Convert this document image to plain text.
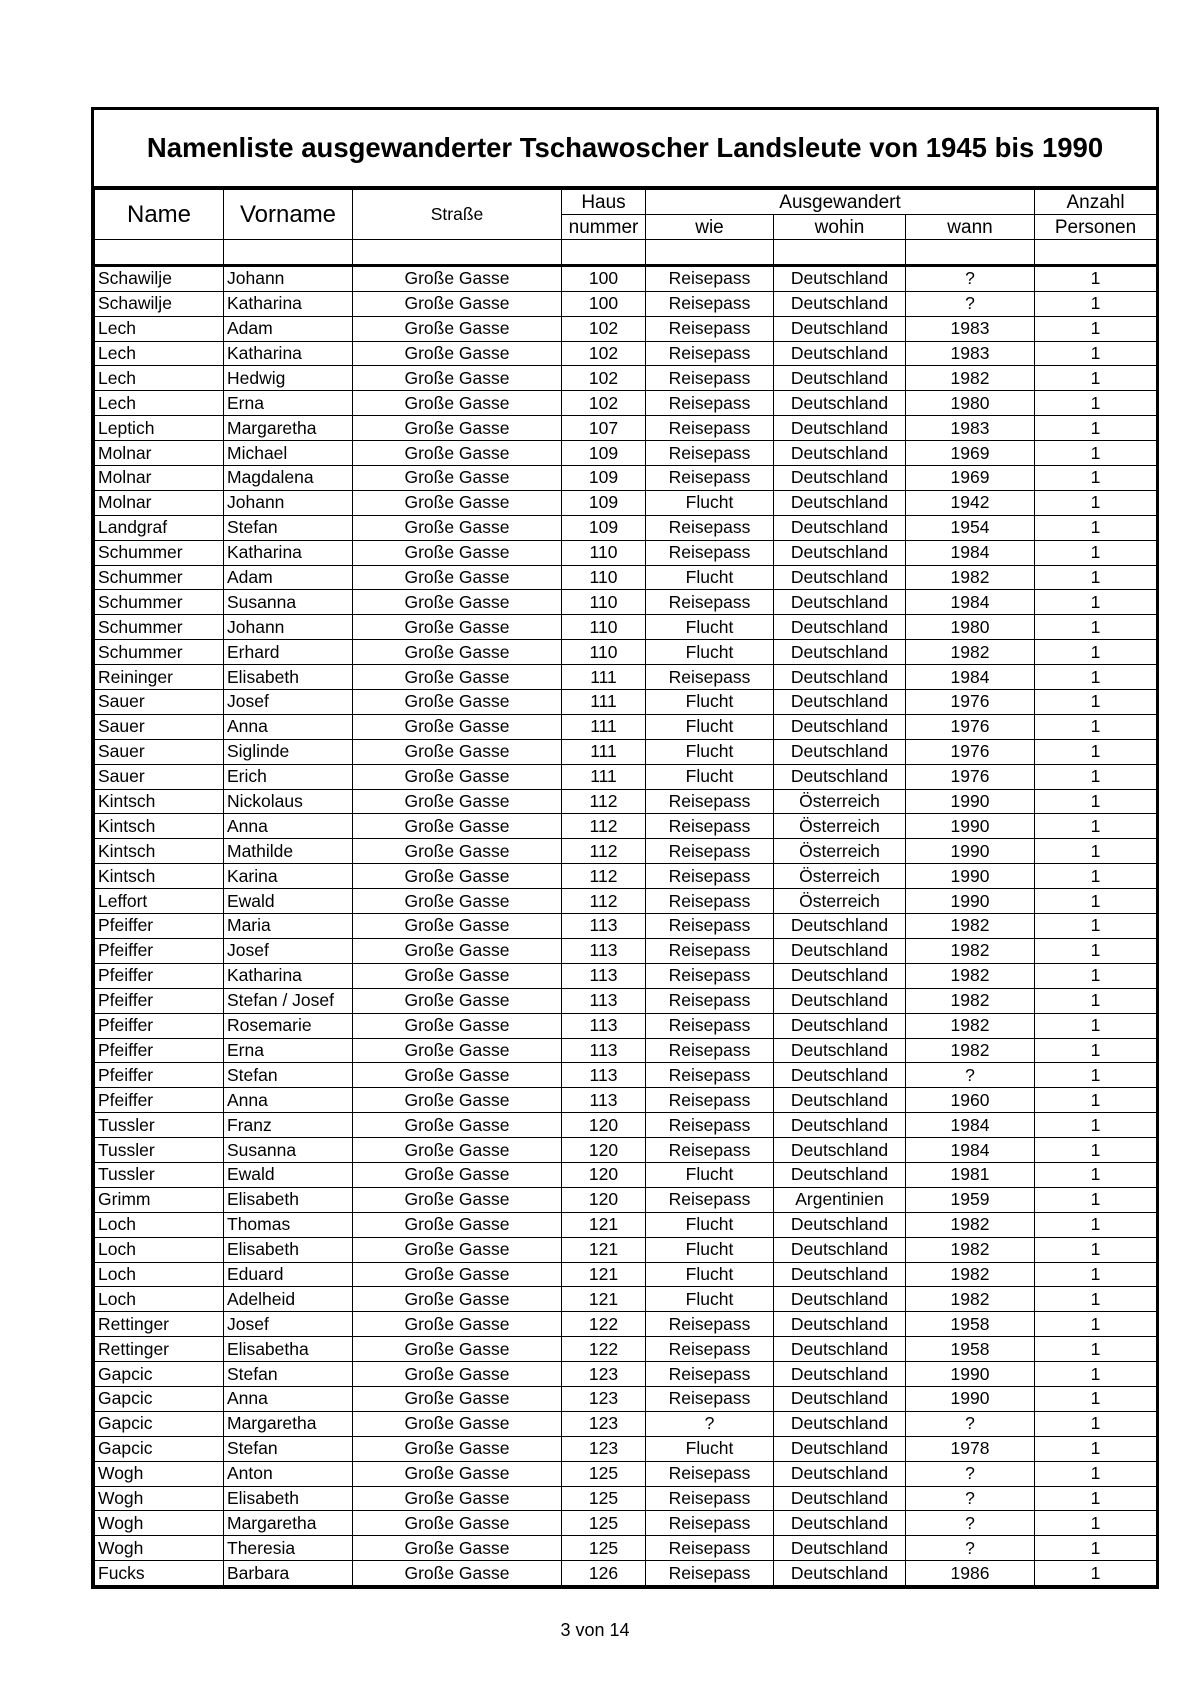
Namenliste ausgewanderter Tschawoscher Landsleute von 1945 bis 1990
Name	Vorname	Straße	Haus	Ausgewandert			Anzahl
			nummer	wie	wohin	wann	Personen

Schawilje	Johann	Große Gasse	100	Reisepass	Deutschland	?	1
Schawilje	Katharina	Große Gasse	100	Reisepass	Deutschland	?	1
Lech	Adam	Große Gasse	102	Reisepass	Deutschland	1983	1
Lech	Katharina	Große Gasse	102	Reisepass	Deutschland	1983	1
Lech	Hedwig	Große Gasse	102	Reisepass	Deutschland	1982	1
Lech	Erna	Große Gasse	102	Reisepass	Deutschland	1980	1
Leptich	Margaretha	Große Gasse	107	Reisepass	Deutschland	1983	1
Molnar	Michael	Große Gasse	109	Reisepass	Deutschland	1969	1
Molnar	Magdalena	Große Gasse	109	Reisepass	Deutschland	1969	1
Molnar	Johann	Große Gasse	109	Flucht	Deutschland	1942	1
Landgraf	Stefan	Große Gasse	109	Reisepass	Deutschland	1954	1
Schummer	Katharina	Große Gasse	110	Reisepass	Deutschland	1984	1
Schummer	Adam	Große Gasse	110	Flucht	Deutschland	1982	1
Schummer	Susanna	Große Gasse	110	Reisepass	Deutschland	1984	1
Schummer	Johann	Große Gasse	110	Flucht	Deutschland	1980	1
Schummer	Erhard	Große Gasse	110	Flucht	Deutschland	1982	1
Reininger	Elisabeth	Große Gasse	111	Reisepass	Deutschland	1984	1
Sauer	Josef	Große Gasse	111	Flucht	Deutschland	1976	1
Sauer	Anna	Große Gasse	111	Flucht	Deutschland	1976	1
Sauer	Siglinde	Große Gasse	111	Flucht	Deutschland	1976	1
Sauer	Erich	Große Gasse	111	Flucht	Deutschland	1976	1
Kintsch	Nickolaus	Große Gasse	112	Reisepass	Österreich	1990	1
Kintsch	Anna	Große Gasse	112	Reisepass	Österreich	1990	1
Kintsch	Mathilde	Große Gasse	112	Reisepass	Österreich	1990	1
Kintsch	Karina	Große Gasse	112	Reisepass	Österreich	1990	1
Leffort	Ewald	Große Gasse	112	Reisepass	Österreich	1990	1
Pfeiffer	Maria	Große Gasse	113	Reisepass	Deutschland	1982	1
Pfeiffer	Josef	Große Gasse	113	Reisepass	Deutschland	1982	1
Pfeiffer	Katharina	Große Gasse	113	Reisepass	Deutschland	1982	1
Pfeiffer	Stefan / Josef	Große Gasse	113	Reisepass	Deutschland	1982	1
Pfeiffer	Rosemarie	Große Gasse	113	Reisepass	Deutschland	1982	1
Pfeiffer	Erna	Große Gasse	113	Reisepass	Deutschland	1982	1
Pfeiffer	Stefan	Große Gasse	113	Reisepass	Deutschland	?	1
Pfeiffer	Anna	Große Gasse	113	Reisepass	Deutschland	1960	1
Tussler	Franz	Große Gasse	120	Reisepass	Deutschland	1984	1
Tussler	Susanna	Große Gasse	120	Reisepass	Deutschland	1984	1
Tussler	Ewald	Große Gasse	120	Flucht	Deutschland	1981	1
Grimm	Elisabeth	Große Gasse	120	Reisepass	Argentinien	1959	1
Loch	Thomas	Große Gasse	121	Flucht	Deutschland	1982	1
Loch	Elisabeth	Große Gasse	121	Flucht	Deutschland	1982	1
Loch	Eduard	Große Gasse	121	Flucht	Deutschland	1982	1
Loch	Adelheid	Große Gasse	121	Flucht	Deutschland	1982	1
Rettinger	Josef	Große Gasse	122	Reisepass	Deutschland	1958	1
Rettinger	Elisabetha	Große Gasse	122	Reisepass	Deutschland	1958	1
Gapcic	Stefan	Große Gasse	123	Reisepass	Deutschland	1990	1
Gapcic	Anna	Große Gasse	123	Reisepass	Deutschland	1990	1
Gapcic	Margaretha	Große Gasse	123	?	Deutschland	?	1
Gapcic	Stefan	Große Gasse	123	Flucht	Deutschland	1978	1
Wogh	Anton	Große Gasse	125	Reisepass	Deutschland	?	1
Wogh	Elisabeth	Große Gasse	125	Reisepass	Deutschland	?	1
Wogh	Margaretha	Große Gasse	125	Reisepass	Deutschland	?	1
Wogh	Theresia	Große Gasse	125	Reisepass	Deutschland	?	1
Fucks	Barbara	Große Gasse	126	Reisepass	Deutschland	1986	1
3 von 14
